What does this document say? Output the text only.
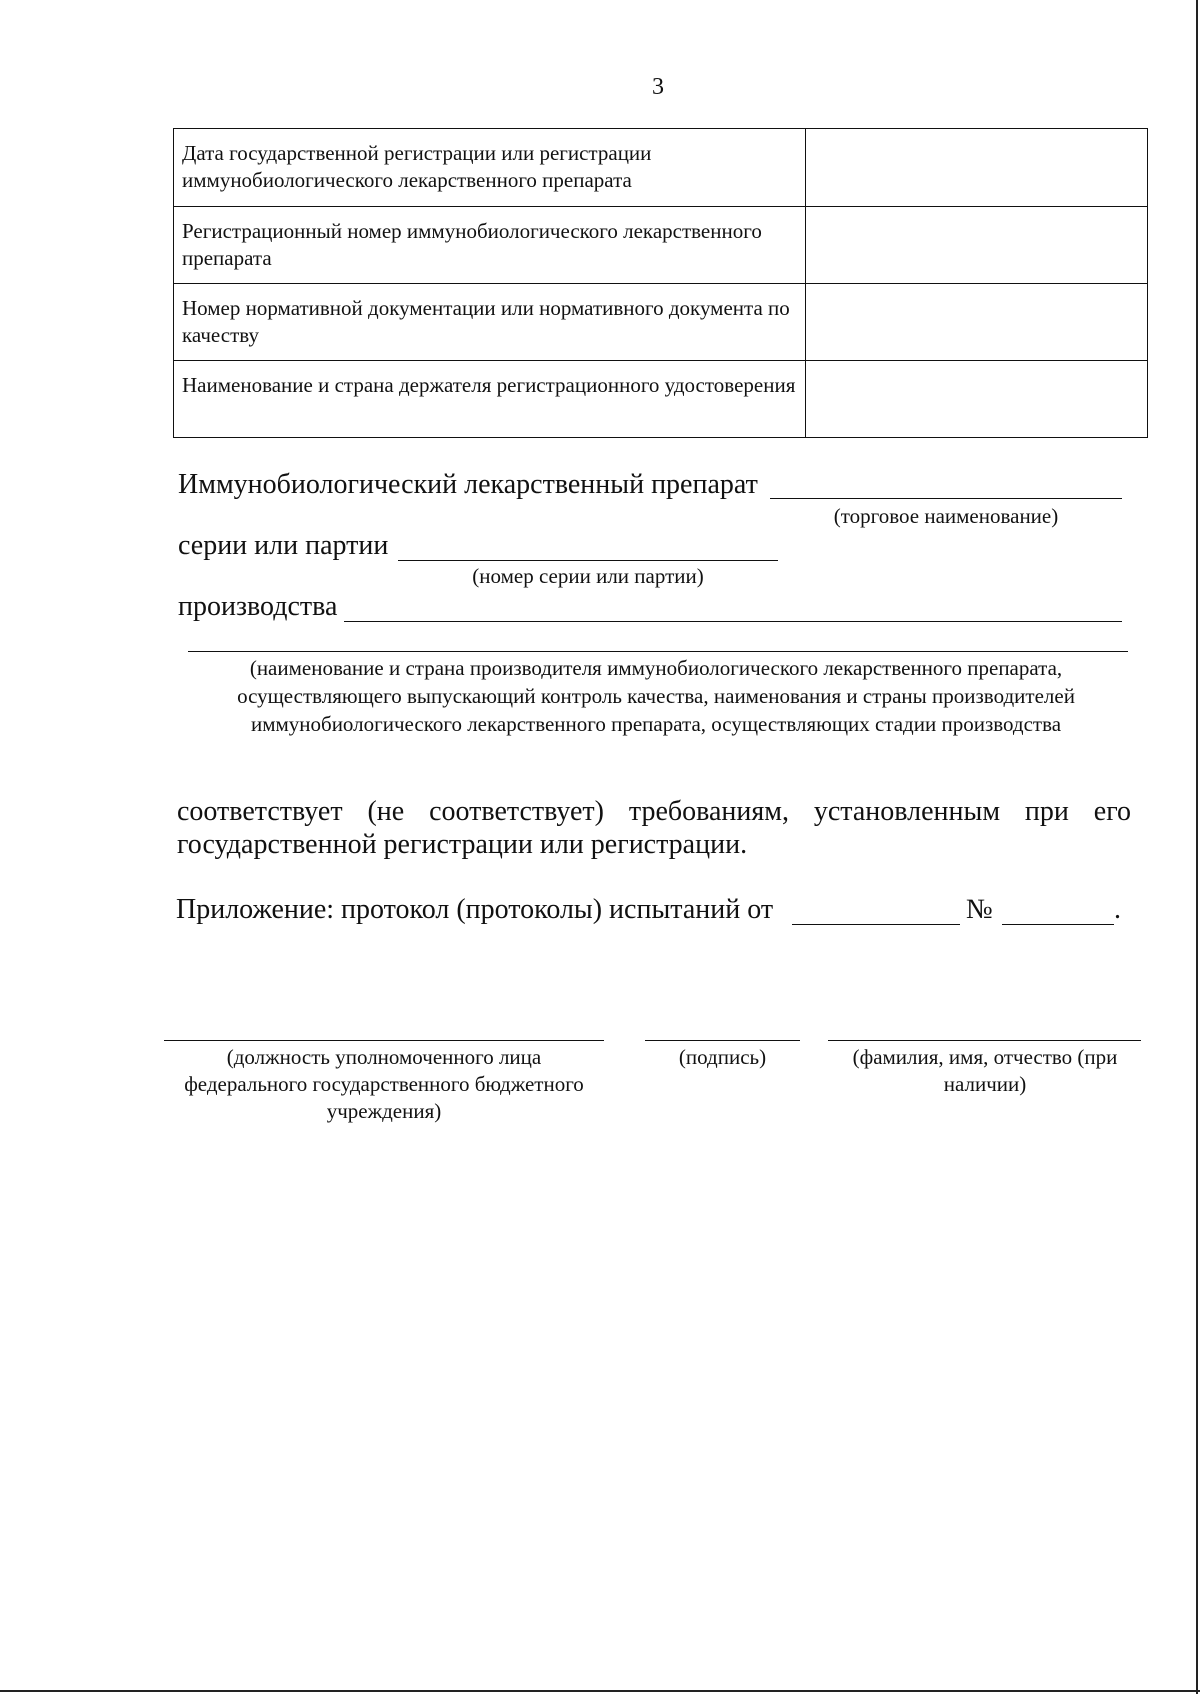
3
Дата государственной регистрации или регистрации иммунобиологического лекарственного препарата	
Регистрационный номер иммунобиологического лекарственного препарата	
Номер нормативной документации или нормативного документа по качеству	
Наименование и страна держателя регистрационного удостоверения	
Иммунобиологический лекарственный препарат
(торговое наименование)
серии или партии
(номер серии или партии)
производства
(наименование и страна производителя иммунобиологического лекарственного препарата, осуществляющего выпускающий контроль качества, наименования и страны производителей иммунобиологического лекарственного препарата, осуществляющих стадии производства
соответствует (не соответствует) требованиям, установленным при его государственной регистрации или регистрации.
Приложение: протокол (протоколы) испытаний от	№	.
(должность уполномоченного лица федерального государственного бюджетного учреждения)
(подпись)	(фамилия, имя, отчество (при наличии)
